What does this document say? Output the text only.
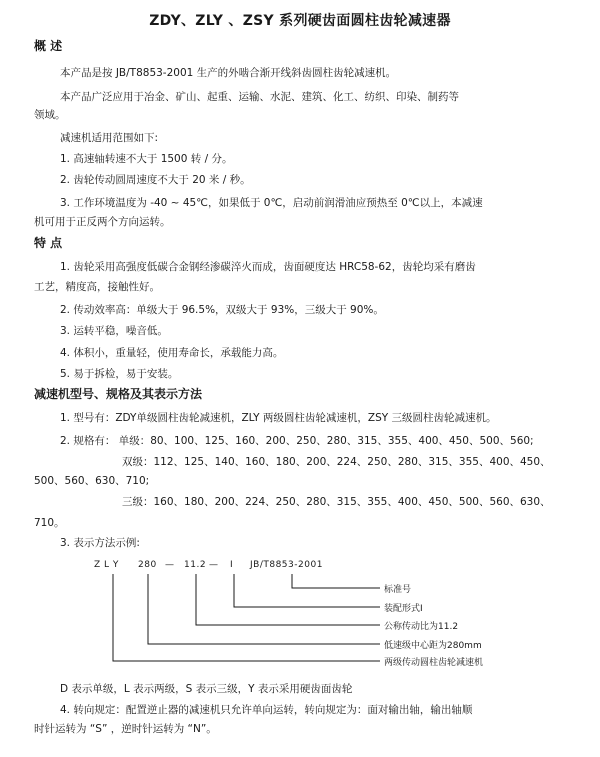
ZDY、ZLY 、ZSY 系列硬齿面圆柱齿轮减速器
概 述
本产品是按 JB/T8853-2001 生产的外啮合渐开线斜齿圆柱齿轮减速机。
本产品广泛应用于冶金、矿山、起重、运输、水泥、建筑、化工、纺织、印染、制药等
领域。
减速机适用范围如下:
1. 高速轴转速不大于 1500 转 / 分。
2. 齿轮传动圆周速度不大于 20 米 / 秒。
3. 工作环境温度为 -40 ~ 45℃，如果低于 0℃，启动前润滑油应预热至 0℃以上，本减速
机可用于正反两个方向运转。
特 点
1. 齿轮采用高强度低碳合金钢经渗碳淬火而成，齿面硬度达 HRC58-62，齿轮均采有磨齿
工艺，精度高，接触性好。
2. 传动效率高：单级大于 96.5%，双级大于 93%，三级大于 90%。
3. 运转平稳，噪音低。
4. 体积小，重量轻，使用寿命长，承载能力高。
5. 易于拆检，易于安装。
减速机型号、规格及其表示方法
1. 型号有：ZDY单级圆柱齿轮减速机，ZLY 两级圆柱齿轮减速机，ZSY 三级圆柱齿轮减速机。
2. 规格有： 单级：80、100、125、160、200、250、280、315、355、400、450、500、560;
双级：112、125、140、160、180、200、224、250、280、315、355、400、450、
500、560、630、710;
三级：160、180、200、224、250、280、315、355、400、450、500、560、630、
710。
3. 表示方法示例:
Z L Y 280 — 11.2 — I JB/T8853-2001
标准号
装配形式I
公称传动比为11.2
低速级中心距为280mm
两级传动圆柱齿轮减速机
D 表示单级，L 表示两级，S 表示三级，Y 表示采用硬齿面齿轮
4. 转向规定：配置逆止器的减速机只允许单向运转，转向规定为：面对输出轴，输出轴顺
时针运转为 “S” ，逆时针运转为 “N”。
